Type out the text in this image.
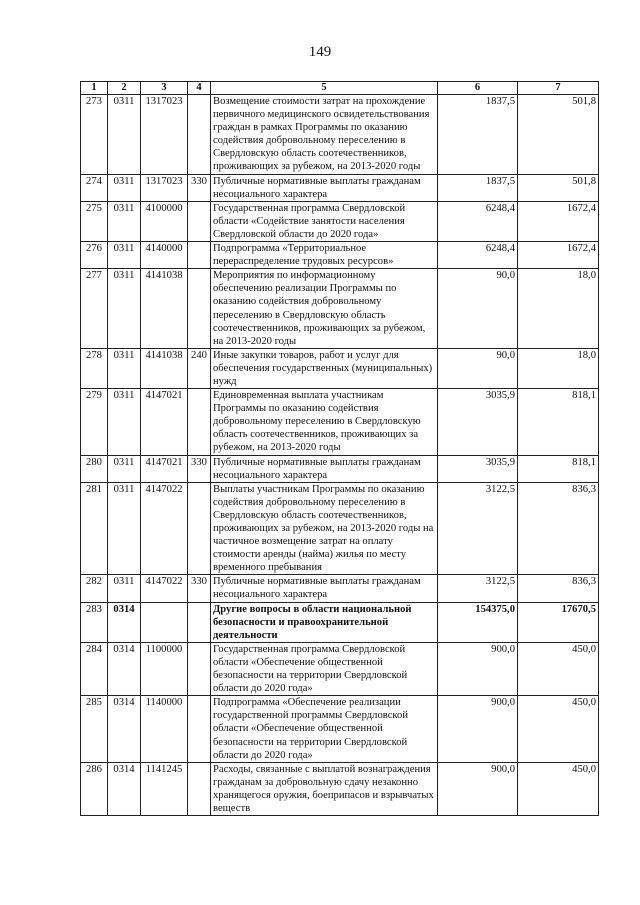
149
1	2	3	4	5	6	7
273	0311	1317023		Возмещение стоимости затрат на прохождение первичного медицинского освидетельствования граждан в рамках Программы по оказанию содействия добровольному переселению в Свердловскую область соотечественников, проживающих за рубежом, на 2013-2020 годы	1837,5	501,8
274	0311	1317023	330	Публичные нормативные выплаты гражданам несоциального характера	1837,5	501,8
275	0311	4100000		Государственная программа Свердловской области «Содействие занятости населения Свердловской области до 2020 года»	6248,4	1672,4
276	0311	4140000		Подпрограмма «Территориальное перераспределение трудовых ресурсов»	6248,4	1672,4
277	0311	4141038		Мероприятия по информационному обеспечению реализации Программы по оказанию содействия добровольному переселению в Свердловскую область соотечественников, проживающих за рубежом, на 2013-2020 годы	90,0	18,0
278	0311	4141038	240	Иные закупки товаров, работ и услуг для обеспечения государственных (муниципальных) нужд	90,0	18,0
279	0311	4147021		Единовременная выплата участникам Программы по оказанию содействия добровольному переселению в Свердловскую область соотечественников, проживающих за рубежом, на 2013-2020 годы	3035,9	818,1
280	0311	4147021	330	Публичные нормативные выплаты гражданам несоциального характера	3035,9	818,1
281	0311	4147022		Выплаты участникам Программы по оказанию содействия добровольному переселению в Свердловскую область соотечественников, проживающих за рубежом, на 2013-2020 годы на частичное возмещение затрат на оплату стоимости аренды (найма) жилья по месту временного пребывания	3122,5	836,3
282	0311	4147022	330	Публичные нормативные выплаты гражданам несоциального характера	3122,5	836,3
283	0314			Другие вопросы в области национальной безопасности и правоохранительной деятельности	154375,0	17670,5
284	0314	1100000		Государственная программа Свердловской области «Обеспечение общественной безопасности на территории Свердловской области до 2020 года»	900,0	450,0
285	0314	1140000		Подпрограмма «Обеспечение реализации государственной программы Свердловской области «Обеспечение общественной безопасности на территории Свердловской области до 2020 года»	900,0	450,0
286	0314	1141245		Расходы, связанные с выплатой вознаграждения гражданам за добровольную сдачу незаконно хранящегося оружия, боеприпасов и взрывчатых веществ	900,0	450,0
